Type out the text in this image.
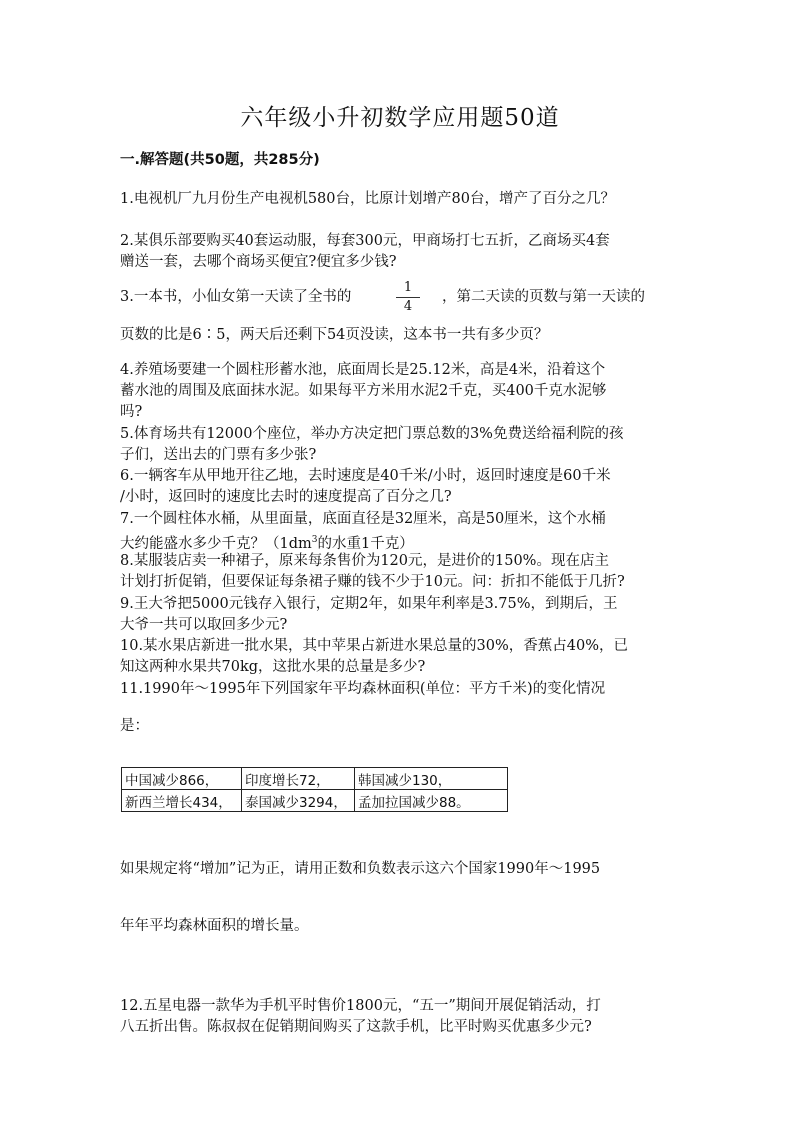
六年级小升初数学应用题50道
一.解答题(共50题，共285分)
1.电视机厂九月份生产电视机580台，比原计划增产80台，增产了百分之几？
2.某俱乐部要购买40套运动服，每套300元，甲商场打七五折，乙商场买4套
赠送一套，去哪个商场买便宜?便宜多少钱?
3.一本书，小仙女第一天读了全书的	$\frac{1}{4}$ ，第二天读的页数与第一天读的
页数的比是6∶5，两天后还剩下54页没读，这本书一共有多少页？
4.养殖场要建一个圆柱形蓄水池，底面周长是25.12米，高是4米，沿着这个
蓄水池的周围及底面抹水泥。如果每平方米用水泥2千克，买400千克水泥够
吗?
5.体育场共有12000个座位，举办方决定把门票总数的3%免费送给福利院的孩
子们，送出去的门票有多少张?
6.一辆客车从甲地开往乙地，去时速度是40千米/小时，返回时速度是60千米
/小时，返回时的速度比去时的速度提高了百分之几?
7.一个圆柱体水桶，从里面量，底面直径是32厘米，高是50厘米，这个水桶
大约能盛水多少千克？（$1dm^3$的水重1千克）
8.某服装店卖一种裙子，原来每条售价为120元，是进价的150%。现在店主
计划打折促销，但要保证每条裙子赚的钱不少于10元。问：折扣不能低于几折?
9.王大爷把5000元钱存入银行，定期2年，如果年利率是3.75%，到期后，王
大爷一共可以取回多少元?
10.某水果店新进一批水果，其中苹果占新进水果总量的30%，香蕉占40%，已
知这两种水果共70kg，这批水果的总量是多少?
11.1990年～1995年下列国家年平均森林面积(单位：平方千米)的变化情况
是：
中国减少866，	印度增长72，	韩国减少130，
新西兰增长434，	泰国减少3294，	孟加拉国减少88。
如果规定将“增加”记为正，请用正数和负数表示这六个国家1990年～1995
年年平均森林面积的增长量。
12.五星电器一款华为手机平时售价1800元，“五一”期间开展促销活动，打
八五折出售。陈叔叔在促销期间购买了这款手机，比平时购买优惠多少元?
